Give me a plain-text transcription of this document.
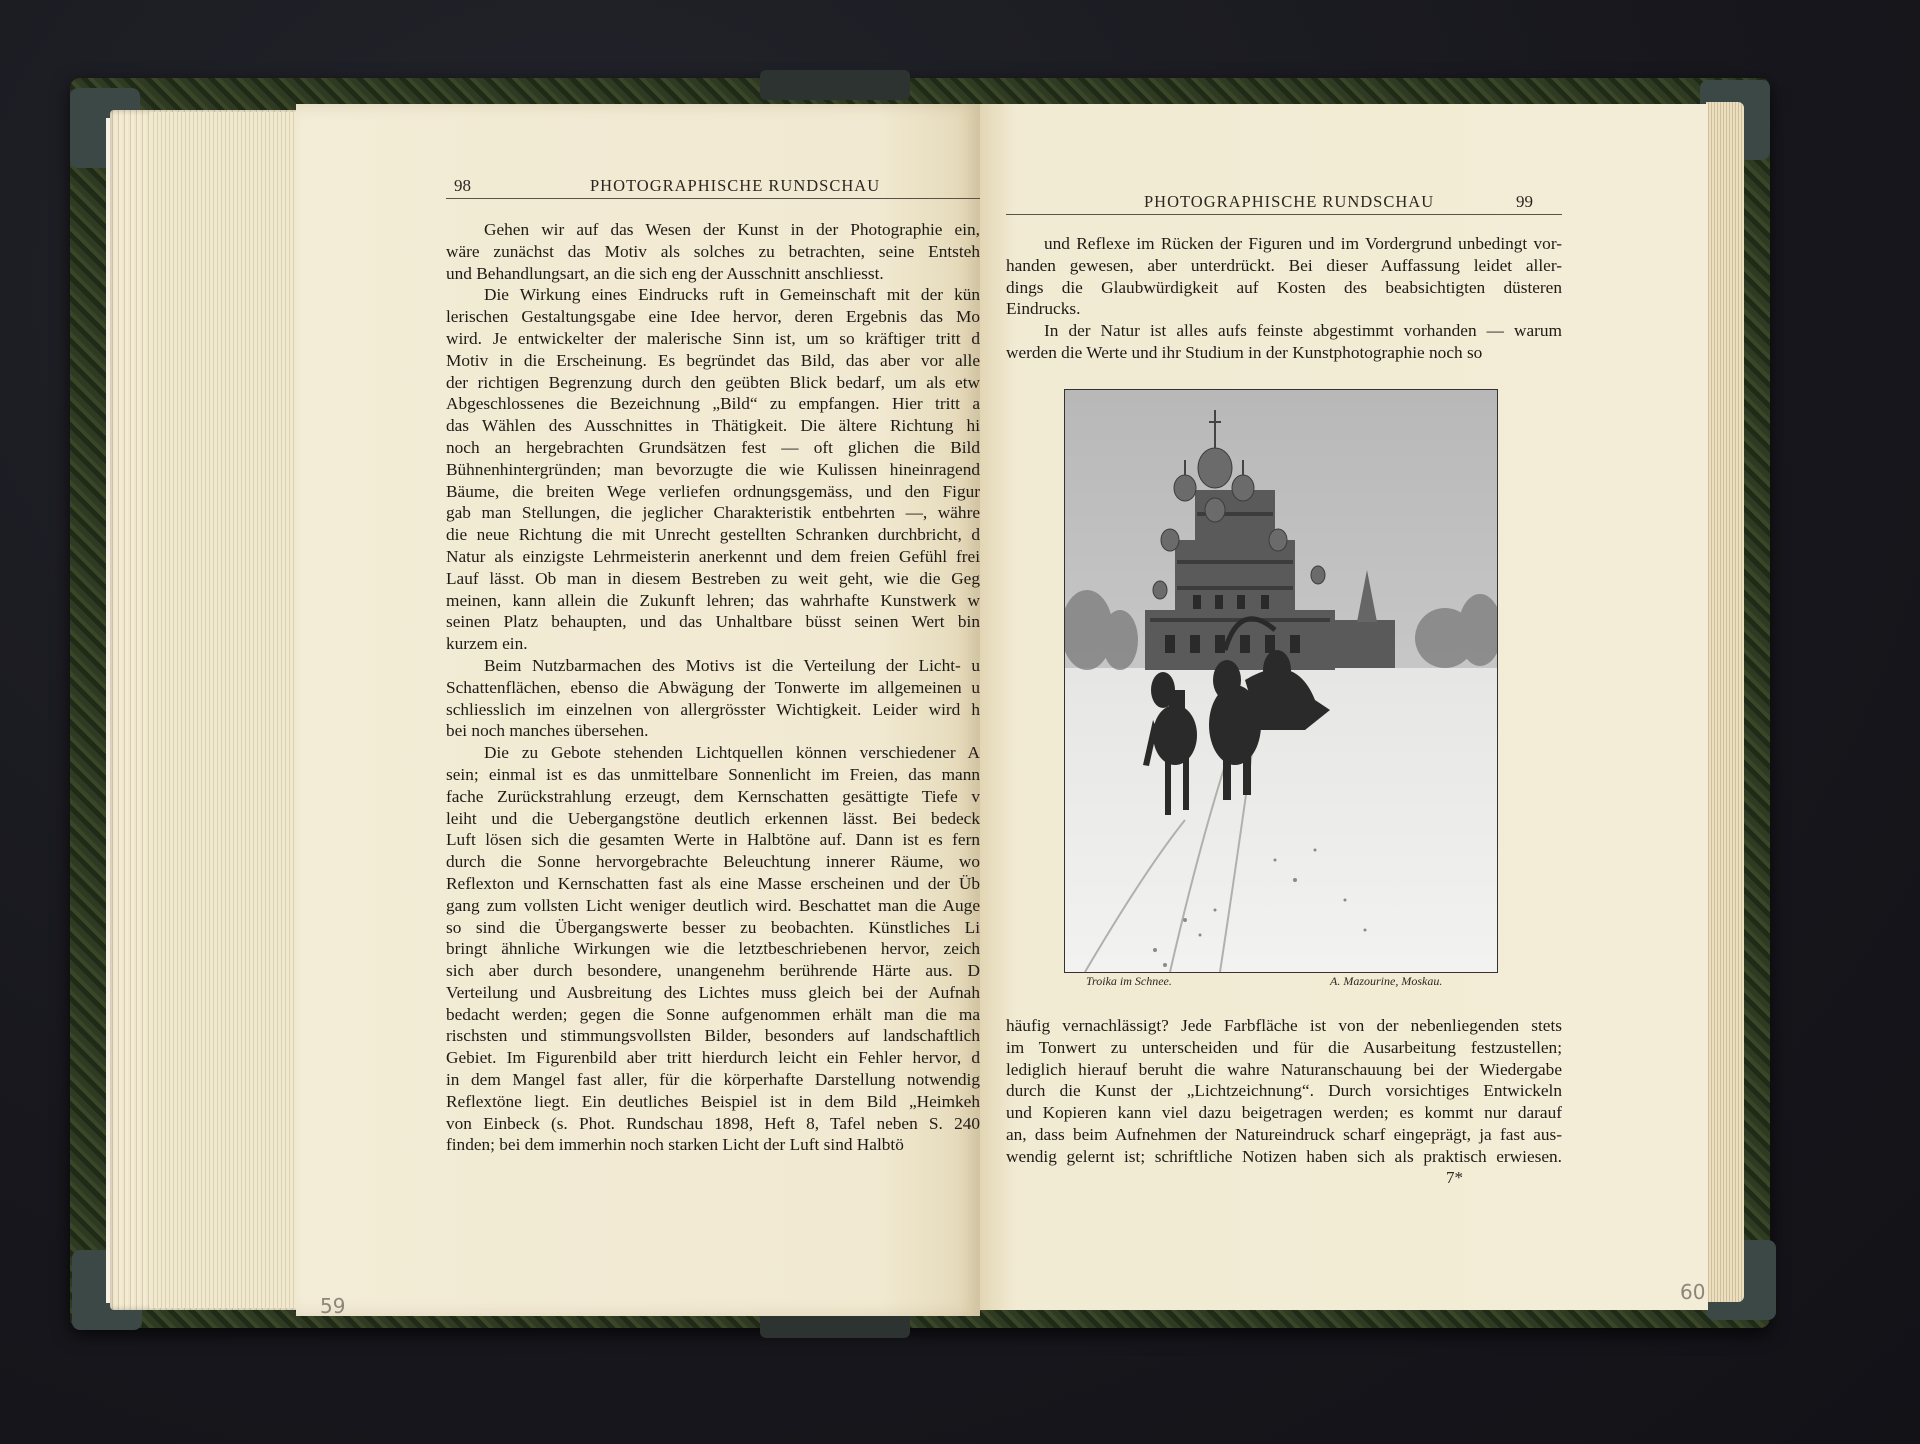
98	PHOTOGRAPHISCHE RUNDSCHAU
Gehen wir auf das Wesen der Kunst in der Photographie ein,
wäre zunächst das Motiv als solches zu betrachten, seine Entsteh
und Behandlungsart, an die sich eng der Ausschnitt anschliesst.
Die Wirkung eines Eindrucks ruft in Gemeinschaft mit der kün
lerischen Gestaltungsgabe eine Idee hervor, deren Ergebnis das Mo
wird. Je entwickelter der malerische Sinn ist, um so kräftiger tritt d
Motiv in die Erscheinung. Es begründet das Bild, das aber vor alle
der richtigen Begrenzung durch den geübten Blick bedarf, um als etw
Abgeschlossenes die Bezeichnung „Bild“ zu empfangen. Hier tritt a
das Wählen des Ausschnittes in Thätigkeit. Die ältere Richtung hi
noch an hergebrachten Grundsätzen fest — oft glichen die Bild
Bühnenhintergründen; man bevorzugte die wie Kulissen hineinragend
Bäume, die breiten Wege verliefen ordnungsgemäss, und den Figur
gab man Stellungen, die jeglicher Charakteristik entbehrten —, währe
die neue Richtung die mit Unrecht gestellten Schranken durchbricht, d
Natur als einzigste Lehrmeisterin anerkennt und dem freien Gefühl frei
Lauf lässt. Ob man in diesem Bestreben zu weit geht, wie die Geg
meinen, kann allein die Zukunft lehren; das wahrhafte Kunstwerk w
seinen Platz behaupten, und das Unhaltbare büsst seinen Wert bin
kurzem ein.
Beim Nutzbarmachen des Motivs ist die Verteilung der Licht- u
Schattenflächen, ebenso die Abwägung der Tonwerte im allgemeinen u
schliesslich im einzelnen von allergrösster Wichtigkeit. Leider wird h
bei noch manches übersehen.
Die zu Gebote stehenden Lichtquellen können verschiedener A
sein; einmal ist es das unmittelbare Sonnenlicht im Freien, das mann
fache Zurückstrahlung erzeugt, dem Kernschatten gesättigte Tiefe v
leiht und die Uebergangstöne deutlich erkennen lässt. Bei bedeck
Luft lösen sich die gesamten Werte in Halbtöne auf. Dann ist es fern
durch die Sonne hervorgebrachte Beleuchtung innerer Räume, wo
Reflexton und Kernschatten fast als eine Masse erscheinen und der Üb
gang zum vollsten Licht weniger deutlich wird. Beschattet man die Auge
so sind die Übergangswerte besser zu beobachten. Künstliches Li
bringt ähnliche Wirkungen wie die letztbeschriebenen hervor, zeich
sich aber durch besondere, unangenehm berührende Härte aus. D
Verteilung und Ausbreitung des Lichtes muss gleich bei der Aufnah
bedacht werden; gegen die Sonne aufgenommen erhält man die ma
rischsten und stimmungsvollsten Bilder, besonders auf landschaftlich
Gebiet. Im Figurenbild aber tritt hierdurch leicht ein Fehler hervor, d
in dem Mangel fast aller, für die körperhafte Darstellung notwendig
Reflextöne liegt. Ein deutliches Beispiel ist in dem Bild „Heimkeh
von Einbeck (s. Phot. Rundschau 1898, Heft 8, Tafel neben S. 240
finden; bei dem immerhin noch starken Licht der Luft sind Halbtö
PHOTOGRAPHISCHE RUNDSCHAU	99
und Reflexe im Rücken der Figuren und im Vordergrund unbedingt vor-
handen gewesen, aber unterdrückt. Bei dieser Auffassung leidet aller-
dings die Glaubwürdigkeit auf Kosten des beabsichtigten düsteren
Eindrucks.
In der Natur ist alles aufs feinste abgestimmt vorhanden — warum
werden die Werte und ihr Studium in der Kunstphotographie noch so
Troika im Schnee.	A. Mazourine, Moskau.
häufig vernachlässigt? Jede Farbfläche ist von der nebenliegenden stets
im Tonwert zu unterscheiden und für die Ausarbeitung festzustellen;
lediglich hierauf beruht die wahre Naturanschauung bei der Wiedergabe
durch die Kunst der „Lichtzeichnung“. Durch vorsichtiges Entwickeln
und Kopieren kann viel dazu beigetragen werden; es kommt nur darauf
an, dass beim Aufnehmen der Natureindruck scharf eingeprägt, ja fast aus-
wendig gelernt ist; schriftliche Notizen haben sich als praktisch erwiesen.
7*
59
60
